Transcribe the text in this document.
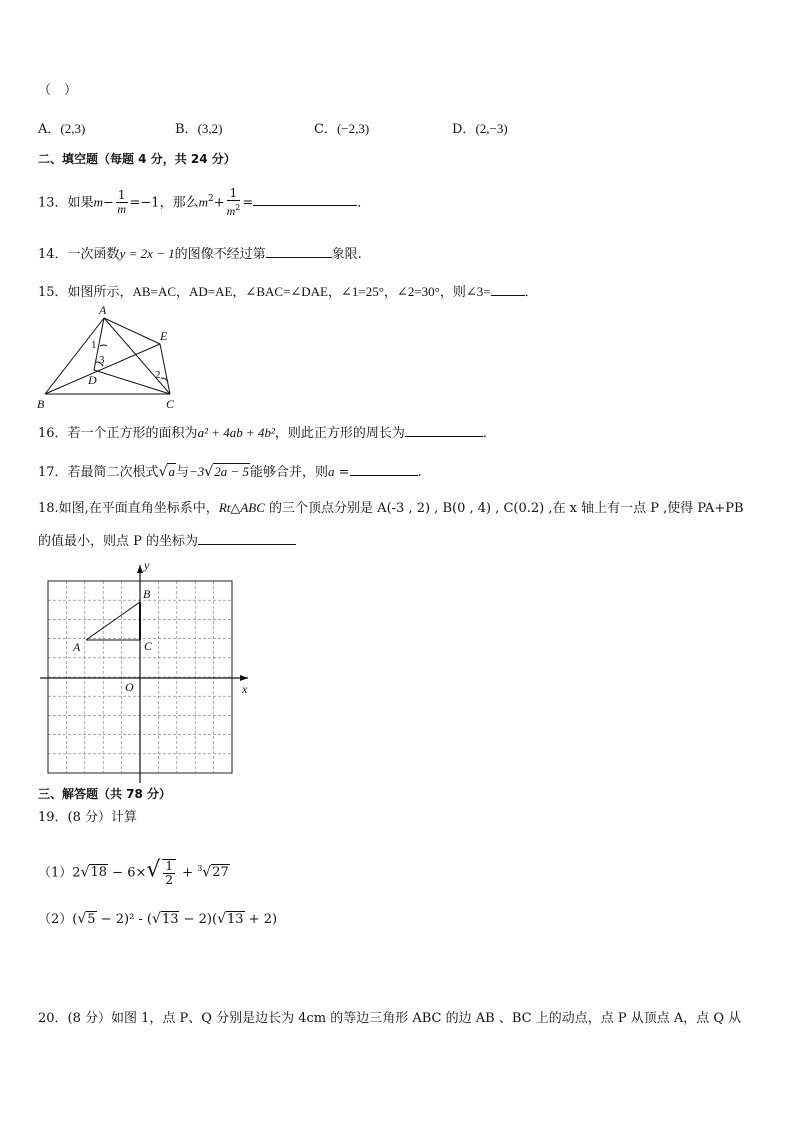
（　）
A．(2,3)	B．(3,2)	C．(−2,3)	D．(2,−3)
二、填空题（每题 4 分，共 24 分）
13．如果$m- \frac{1}{m} =-1$，那么$m^2+ \frac{1}{m^2}$ =	．
14．一次函数y = 2x − 1的图像不经过第	象限.
15．如图所示，AB=AC，AD=AE，∠BAC=∠DAE，∠1=25°，∠2=30°，则∠3=	．
A
B	C
D
E
1
2
3
16．若一个正方形的面积为a² + 4ab + 4b²，则此正方形的周长为	．
17．若最简二次根式√a与−3√2a − 5能够合并，则a =	.
18.如图,在平面直角坐标系中，Rt△ABC 的三个顶点分别是 A(-3 , 2) , B(0 , 4) , C(0.2) ,在 x 轴上有一点 P ,使得 PA+PB
的值最小，则点 P 的坐标为
A
B
C
O	x
y
三、解答题（共 78 分）
19．(8 分）计算
$(1)2√18 - 6\times√ \frac{1}{2} + ^3√27$
（2）(√5 − 2)² - (√13 − 2)(√13 + 2)
20．(8 分）如图 1，点 P、Q 分别是边长为 4cm 的等边三角形 ABC 的边 AB 、BC 上的动点，点 P 从顶点 A，点 Q 从
